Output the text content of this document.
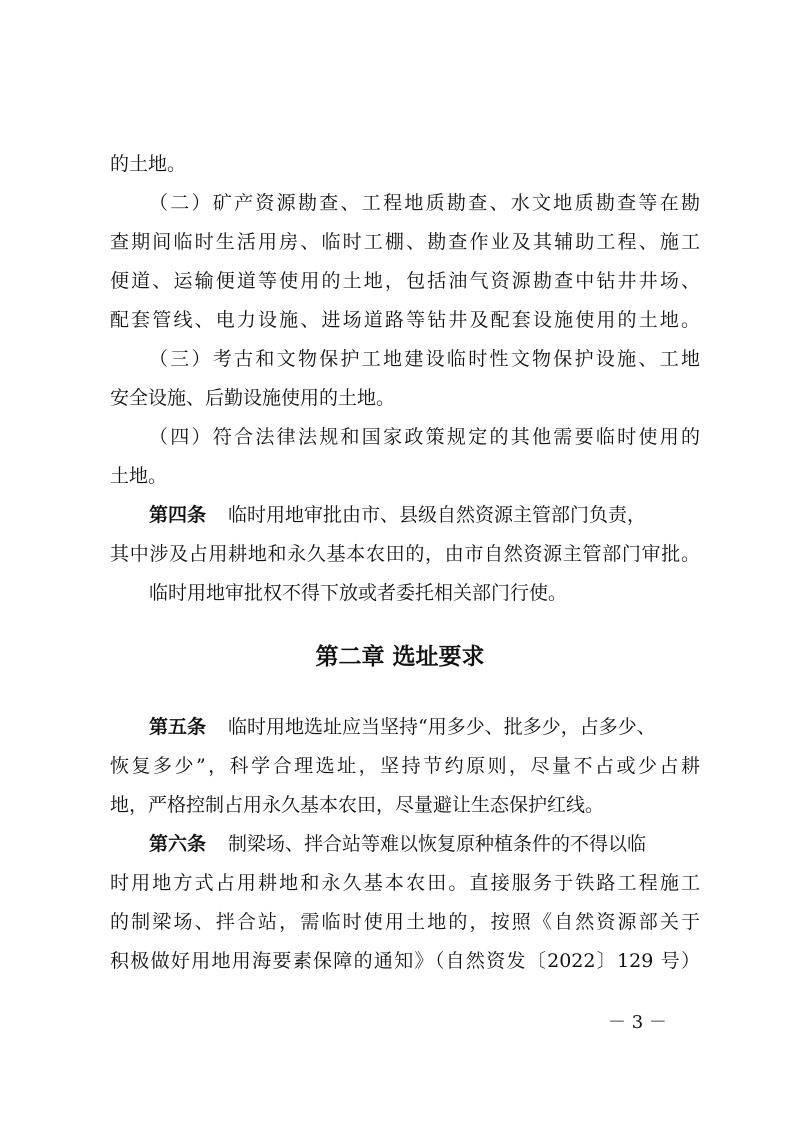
的土地。
（二）矿产资源勘查、工程地质勘查、水文地质勘查等在勘
查期间临时生活用房、临时工棚、勘查作业及其辅助工程、施工
便道、运输便道等使用的土地，包括油气资源勘查中钻井井场、
配套管线、电力设施、进场道路等钻井及配套设施使用的土地。
（三）考古和文物保护工地建设临时性文物保护设施、工地
安全设施、后勤设施使用的土地。
（四）符合法律法规和国家政策规定的其他需要临时使用的
土地。
第四条 临时用地审批由市、县级自然资源主管部门负责，
其中涉及占用耕地和永久基本农田的，由市自然资源主管部门审批。
临时用地审批权不得下放或者委托相关部门行使。
第二章 选址要求
第五条 临时用地选址应当坚持“用多少、批多少，占多少、
恢复多少”，科学合理选址，坚持节约原则，尽量不占或少占耕
地，严格控制占用永久基本农田，尽量避让生态保护红线。
第六条 制梁场、拌合站等难以恢复原种植条件的不得以临
时用地方式占用耕地和永久基本农田。直接服务于铁路工程施工
的制梁场、拌合站，需临时使用土地的，按照《自然资源部关于
积极做好用地用海要素保障的通知》（自然资发〔2022〕129 号）
－ 3 －
